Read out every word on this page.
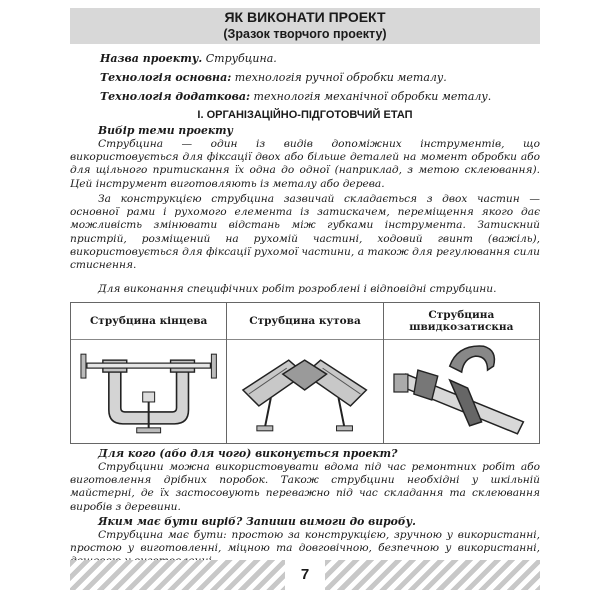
ЯК ВИКОНАТИ ПРОЕКТ
(Зразок творчого проекту)
Назва проекту. Струбцина.
Технологія основна: технологія ручної обробки металу.
Технологія додаткова: технологія механічної обробки металу.
І. ОРГАНІЗАЦІЙНО-ПІДГОТОВЧИЙ ЕТАП
Вибір теми проекту
Струбцина — один із видів допоміжних інструментів, що використовується для фіксації двох або більше деталей на момент обробки або для щільного притискання їх одна до одної (наприклад, з метою склеювання). Цей інструмент виготовляють із металу або дерева.
За конструкцією струбцина зазвичай складається з двох частин — основної рами і рухомого елемента із затискачем, переміщення якого дає можливість змінювати відстань між губками інструмента. Затискний пристрій, розміщений на рухомій частині, ходовий гвинт (важіль), використовується для фіксації рухомої частини, а також для регулювання сили стиснення.
Для виконання специфічних робіт розроблені і відповідні струбцини.
Струбцина кінцева	Струбцина кутова	Струбцина швидкозатискна
Для кого (або для чого) виконується проект?
Струбцини можна використовувати вдома під час ремонтних робіт або виготовлення дрібних поробок. Також струбцини необхідні у шкільній майстерні, де їх застосовують переважно під час складання та склеювання виробів з деревини.
Яким має бути виріб? Запиши вимоги до виробу.
Струбцина має бути: простою за конструкцією, зручною у використанні, простою у виготовленні, міцною та довговічною, безпечною у використанні,
7
